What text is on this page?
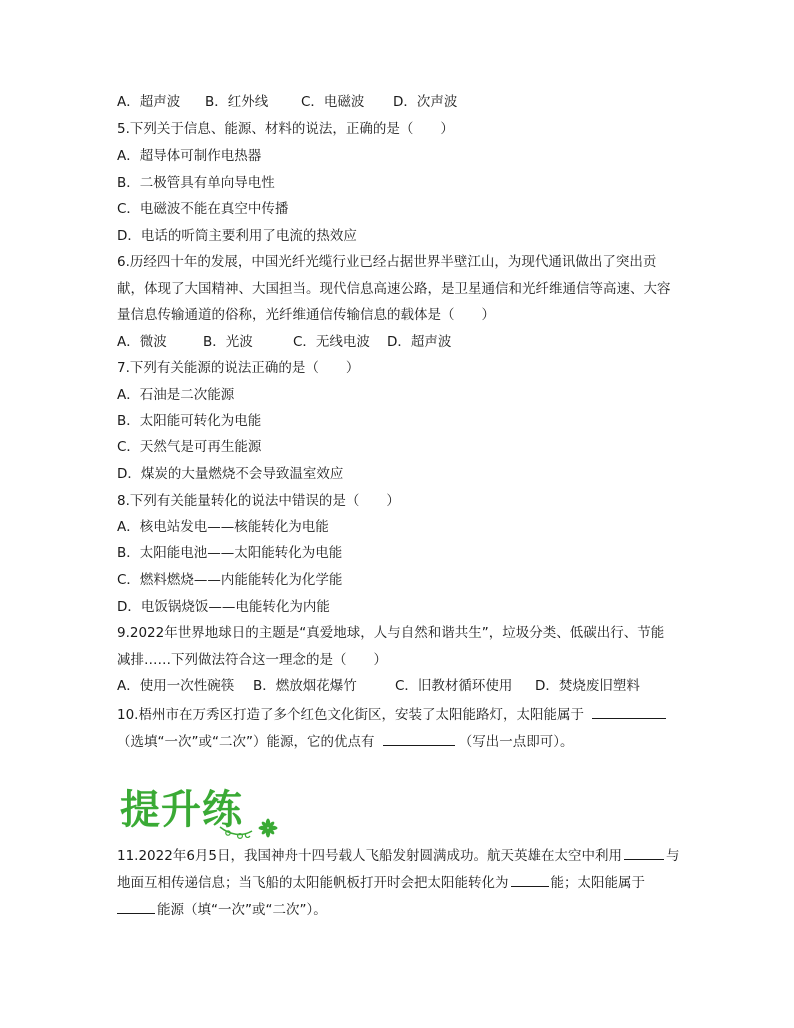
A．超声波 B．红外线 C．电磁波 D．次声波
5.下列关于信息、能源、材料的说法，正确的是（　　）
A．超导体可制作电热器
B．二极管具有单向导电性
C．电磁波不能在真空中传播
D．电话的听筒主要利用了电流的热效应
6.历经四十年的发展，中国光纤光缆行业已经占据世界半壁江山，为现代通讯做出了突出贡
献，体现了大国精神、大国担当。现代信息高速公路，是卫星通信和光纤维通信等高速、大容
量信息传输通道的俗称，光纤维通信传输信息的载体是（　　）
A．微波	B．光波	C．无线电波 D．超声波
7.下列有关能源的说法正确的是（　　）
A．石油是二次能源
B．太阳能可转化为电能
C．天然气是可再生能源
D．煤炭的大量燃烧不会导致温室效应
8.下列有关能量转化的说法中错误的是（　　）
A．核电站发电——核能转化为电能
B．太阳能电池——太阳能转化为电能
C．燃料燃烧——内能能转化为化学能
D．电饭锅烧饭——电能转化为内能
9.2022年世界地球日的主题是“真爱地球，人与自然和谐共生”，垃圾分类、低碳出行、节能
减排……下列做法符合这一理念的是（　　）
A．使用一次性碗筷 B．燃放烟花爆竹	C．旧教材循环使用 D．焚烧废旧塑料
10.梧州市在万秀区打造了多个红色文化街区，安装了太阳能路灯，太阳能属于
（选填“一次”或“二次”）能源，它的优点有	（写出一点即可）。
提升练
11.2022年6月5日，我国神舟十四号载人飞船发射圆满成功。航天英雄在太空中利用	与
地面互相传递信息；当飞船的太阳能帆板打开时会把太阳能转化为	能；太阳能属于
能源（填“一次”或“二次”）。
